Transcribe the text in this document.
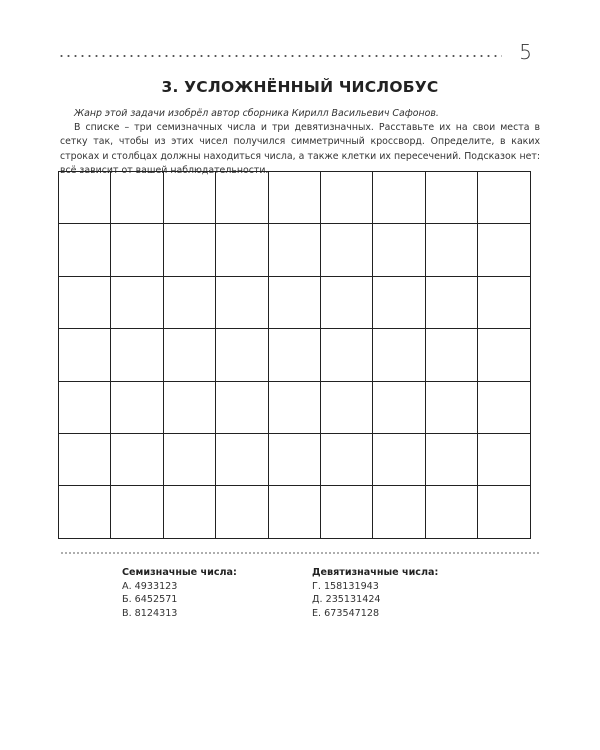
5
3. УСЛОЖНЁННЫЙ ЧИСЛОБУС

Жанр этой задачи изобрёл автор сборника Кирилл Васильевич Сафонов.

В списке – три семизначных числа и три девятизначных. Расставьте их на свои места в сетку так, чтобы из этих чисел получился симметричный кроссворд. Определите, в каких строках и столбцах должны находиться числа, а также клетки их пересечений. Подсказок нет: всё зависит от вашей наблюдательности.

Семизначные числа:
А. 4933123
Б. 6452571
В. 8124313
Девятизначные числа:
Г. 158131943
Д. 235131424
Е. 673547128
